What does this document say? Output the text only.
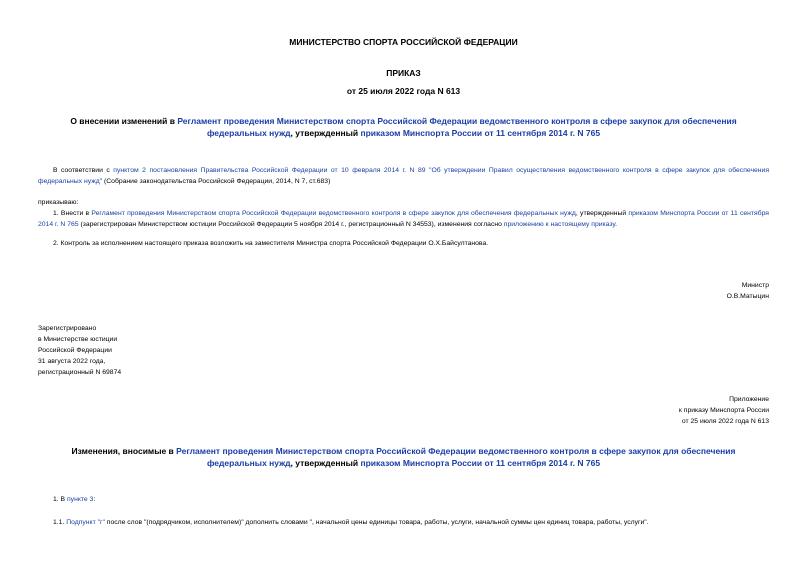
МИНИСТЕРСТВО СПОРТА РОССИЙСКОЙ ФЕДЕРАЦИИ
ПРИКАЗ
от 25 июля 2022 года N 613
О внесении изменений в Регламент проведения Министерством спорта Российской Федерации ведомственного контроля в сфере закупок для обеспечения федеральных нужд, утвержденный приказом Минспорта России от 11 сентября 2014 г. N 765
В соответствии с пунктом 2 постановления Правительства Российской Федерации от 10 февраля 2014 г. N 89 "Об утверждении Правил осуществления ведомственного контроля в сфере закупок для обеспечения федеральных нужд" (Собрание законодательства Российской Федерации, 2014, N 7, ст.683)
приказываю:
1. Внести в Регламент проведения Министерством спорта Российской Федерации ведомственного контроля в сфере закупок для обеспечения федеральных нужд, утвержденный приказом Минспорта России от 11 сентября 2014 г. N 765 (зарегистрирован Министерством юстиции Российской Федерации 5 ноября 2014 г., регистрационный N 34553), изменения согласно приложению к настоящему приказу.
2. Контроль за исполнением настоящего приказа возложить на заместителя Министра спорта Российской Федерации О.Х.Байсултанова.
Министр
О.В.Матыцин
Зарегистрировано
в Министерстве юстиции
Российской Федерации
31 августа 2022 года,
регистрационный N 69874
Приложение
к приказу Минспорта России
от 25 июля 2022 года N 613
Изменения, вносимые в Регламент проведения Министерством спорта Российской Федерации ведомственного контроля в сфере закупок для обеспечения федеральных нужд, утвержденный приказом Минспорта России от 11 сентября 2014 г. N 765
1. В пункте 3:
1.1. Подпункт "г" после слов "(подрядчиком, исполнителем)" дополнить словами ", начальной цены единицы товара, работы, услуги, начальной суммы цен единиц товара, работы, услуги".
